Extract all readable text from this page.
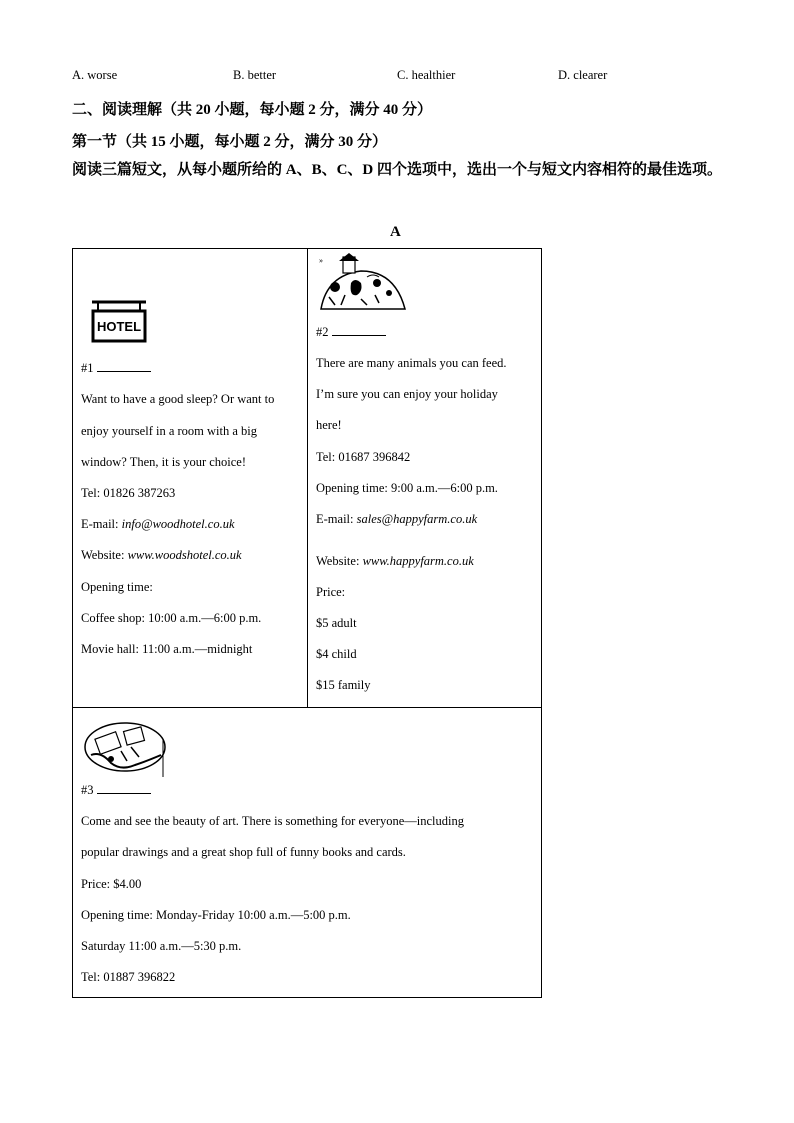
A. worse	B. better	C. healthier	D. clearer
二、阅读理解（共 20 小题，每小题 2 分，满分 40 分）
第一节（共 15 小题，每小题 2 分，满分 30 分）
阅读三篇短文，从每小题所给的 A、B、C、D 四个选项中，选出一个与短文内容相符的最佳选项。
A
HOTEL
#1
Want to have a good sleep? Or want to
enjoy yourself in a room with a big
window? Then, it is your choice!
Tel: 01826 387263
E-mail: info@woodhotel.co.uk
Website: www.woodshotel.co.uk
Opening time:
Coffee shop: 10:00 a.m.—6:00 p.m.
Movie hall: 11:00 a.m.—midnight
»
#2
There are many animals you can feed.
I’m sure you can enjoy your holiday
here!
Tel: 01687 396842
Opening time: 9:00 a.m.—6:00 p.m.
E-mail: sales@happyfarm.co.uk
Website: www.happyfarm.co.uk
Price:
$5 adult
$4 child
$15 family
#3
Come and see the beauty of art. There is something for everyone—including
popular drawings and a great shop full of funny books and cards.
Price: $4.00
Opening time: Monday-Friday 10:00 a.m.—5:00 p.m.
Saturday 11:00 a.m.—5:30 p.m.
Tel: 01887 396822
